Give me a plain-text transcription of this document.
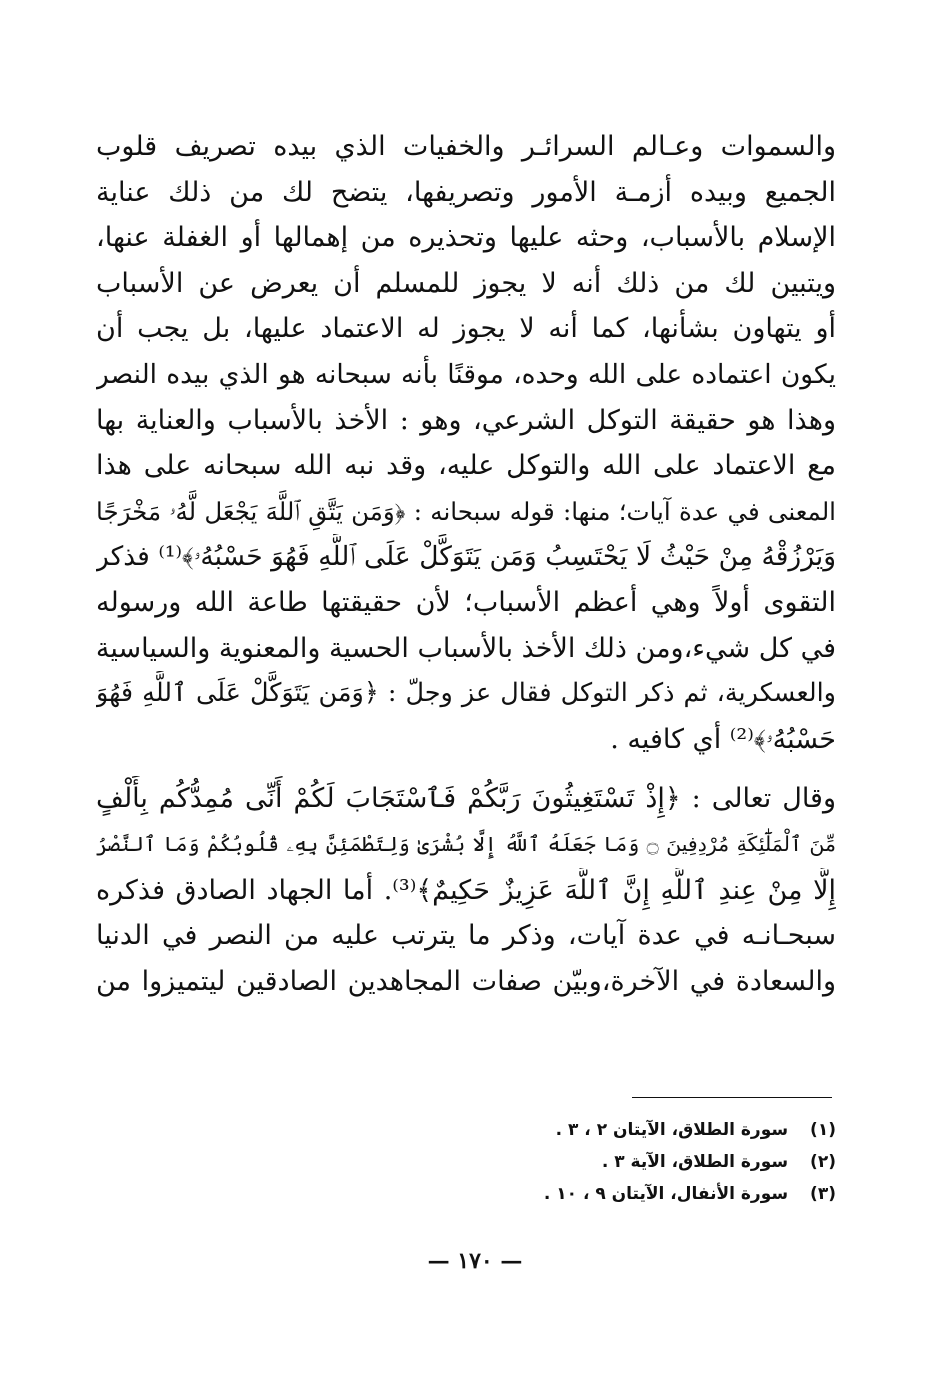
والسموات وعـالم السرائـر والخفيات الذي بيده تصريف قلوب
الجميع وبيده أزمـة الأمور وتصريفها، يتضح لك من ذلك عناية
الإسلام بالأسباب، وحثه عليها وتحذيره من إهمالها أو الغفلة عنها،
ويتبين لك من ذلك أنه لا يجوز للمسلم أن يعرض عن الأسباب
أو يتهاون بشأنها، كما أنه لا يجوز له الاعتماد عليها، بل يجب أن
يكون اعتماده على الله وحده، موقنًا بأنه سبحانه هو الذي بيده النصر
وهذا هو حقيقة التوكل الشرعي، وهو : الأخذ بالأسباب والعناية بها
مع الاعتماد على الله والتوكل عليه، وقد نبه الله سبحانه على هذا
المعنى في عدة آيات؛ منها: قوله سبحانه : ﴿وَمَن يَتَّقِ ٱللَّهَ يَجْعَل لَّهُۥ مَخْرَجًا
وَيَرْزُقْهُ مِنْ حَيْثُ لَا يَحْتَسِبُ وَمَن يَتَوَكَّلْ عَلَى ٱللَّهِ فَهُوَ حَسْبُهُۥ﴾⁽¹⁾ فذكر
التقوى أولاً وهي أعظم الأسباب؛ لأن حقيقتها طاعة الله ورسوله
في كل شيء،ومن ذلك الأخذ بالأسباب الحسية والمعنوية والسياسية
والعسكرية، ثم ذكر التوكل فقال عز وجلّ : ﴿وَمَن يَتَوَكَّلْ عَلَى ٱللَّهِ فَهُوَ
حَسْبُهُۥ﴾⁽²⁾ أي كافيه .
وقال تعالى : ﴿إِذْ تَسْتَغِيثُونَ رَبَّكُمْ فَٱسْتَجَابَ لَكُمْ أَنِّى مُمِدُّكُم بِأَلْفٍ
مِّنَ ٱلْمَلَٰٓئِكَةِ مُرْدِفِينَ ۝ وَمَا جَعَلَهُ ٱللَّهُ إِلَّا بُشْرَىٰ وَلِتَطْمَئِنَّ بِهِۦ قُلُوبُكُمْ وَمَا ٱلنَّصْرُ
إِلَّا مِنْ عِندِ ٱللَّهِ إِنَّ ٱللَّهَ عَزِيزٌ حَكِيمٌ﴾⁽³⁾. أما الجهاد الصادق فذكره
سبحـانـه في عدة آيات، وذكر ما يترتب عليه من النصر في الدنيا
والسعادة في الآخرة،وبيّن صفات المجاهدين الصادقين ليتميزوا من
(١) سورة الطلاق، الآيتان ٢ ، ٣ .
(٢) سورة الطلاق، الآية ٣ .
(٣) سورة الأنفال، الآيتان ٩ ، ١٠ .
— ١٧٠ —
